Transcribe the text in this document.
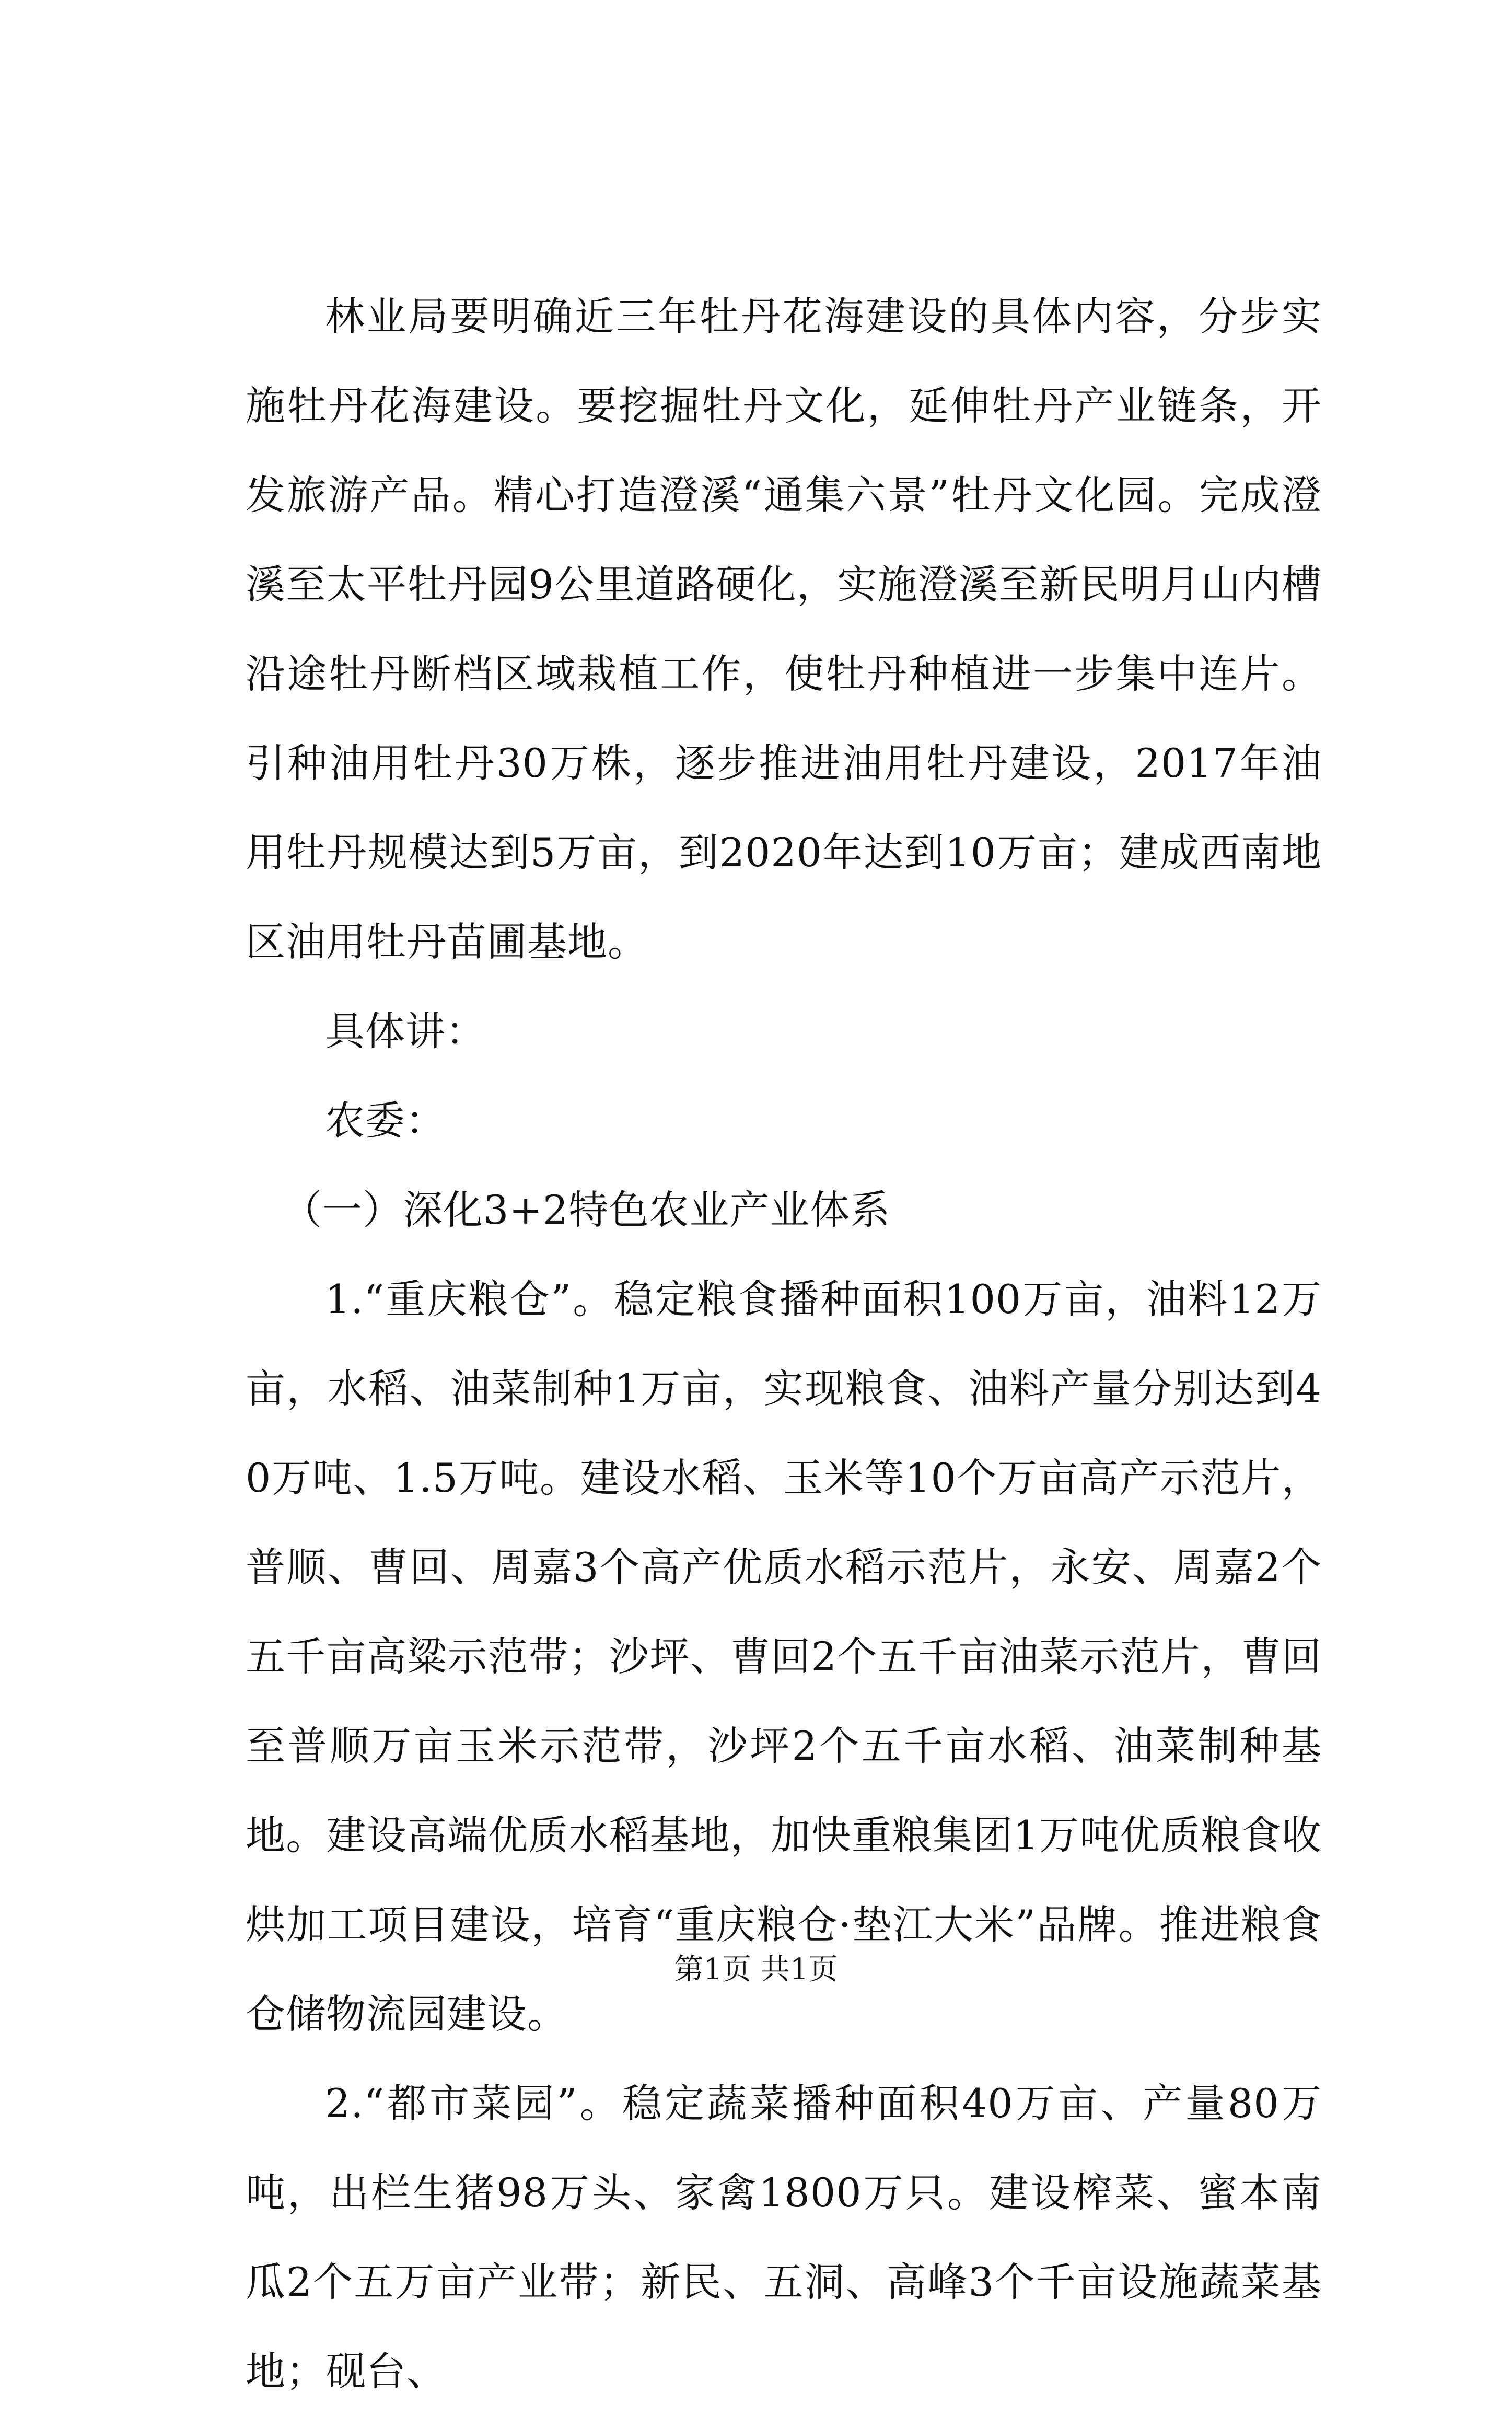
林业局要明确近三年牡丹花海建设的具体内容，分步实施牡丹花海建设。要挖掘牡丹文化，延伸牡丹产业链条，开发旅游产品。精心打造澄溪“通集六景”牡丹文化园。完成澄溪至太平牡丹园9公里道路硬化，实施澄溪至新民明月山内槽沿途牡丹断档区域栽植工作，使牡丹种植进一步集中连片。引种油用牡丹30万株，逐步推进油用牡丹建设，2017年油用牡丹规模达到5万亩，到2020年达到10万亩；建成西南地区油用牡丹苗圃基地。

具体讲：

农委：

（一）深化3+2特色农业产业体系

1.“重庆粮仓”。稳定粮食播种面积100万亩，油料12万亩，水稻、油菜制种1万亩，实现粮食、油料产量分别达到40万吨、1.5万吨。建设水稻、玉米等10个万亩高产示范片，普顺、曹回、周嘉3个高产优质水稻示范片，永安、周嘉2个五千亩高粱示范带；沙坪、曹回2个五千亩油菜示范片，曹回至普顺万亩玉米示范带，沙坪2个五千亩水稻、油菜制种基地。建设高端优质水稻基地，加快重粮集团1万吨优质粮食收烘加工项目建设，培育“重庆粮仓·垫江大米”品牌。推进粮食仓储物流园建设。

2.“都市菜园”。稳定蔬菜播种面积40万亩、产量80万吨，出栏生猪98万头、家禽1800万只。建设榨菜、蜜本南瓜2个五万亩产业带；新民、五洞、高峰3个千亩设施蔬菜基地；砚台、

第1页 共1页
